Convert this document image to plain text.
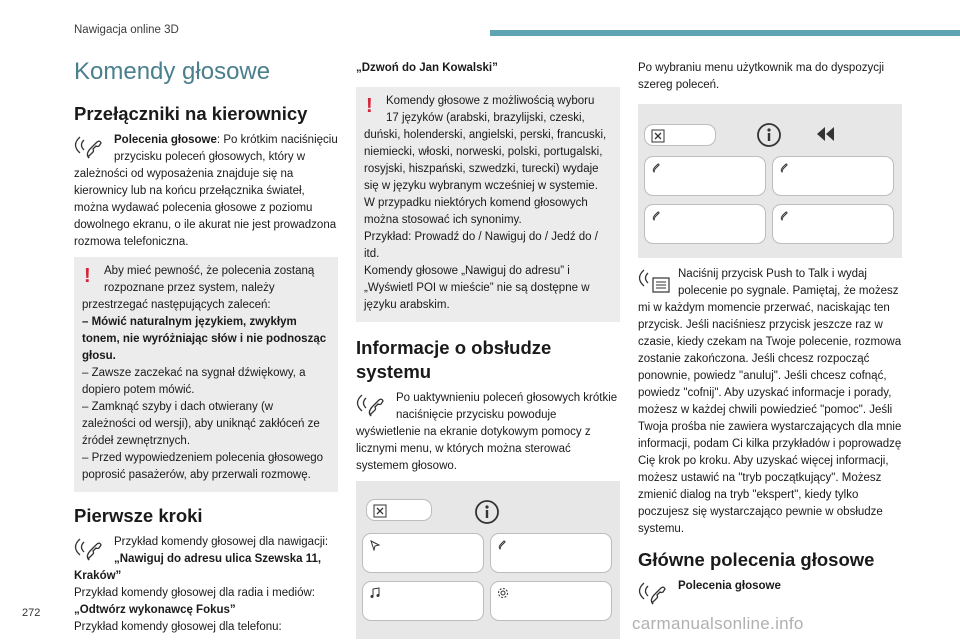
Nawigacja online 3D
Komendy głosowe
Przełączniki na kierownicy
Polecenia głosowe: Po krótkim naciśnięciu przycisku poleceń głosowych, który w zależności od wyposażenia znajduje się na kierownicy lub na końcu przełącznika świateł, można wydawać polecenia głosowe z poziomu dowolnego ekranu, o ile akurat nie jest prowadzona rozmowa telefoniczna.
!	Aby mieć pewność, że polecenia zostaną rozpoznane przez system, należy przestrzegać następujących zaleceń:
– Mówić naturalnym językiem, zwykłym tonem, nie wyróżniając słów i nie podnosząc głosu.
– Zawsze zaczekać na sygnał dźwiękowy, a dopiero potem mówić.
– Zamknąć szyby i dach otwierany (w zależności od wersji), aby uniknąć zakłóceń ze źródeł zewnętrznych.
– Przed wypowiedzeniem polecenia głosowego poprosić pasażerów, aby przerwali rozmowę.
Pierwsze kroki
Przykład komendy głosowej dla nawigacji:
„Nawiguj do adresu ulica Szewska 11, Kraków”
Przykład komendy głosowej dla radia i mediów:
„Odtwórz wykonawcę Fokus”
Przykład komendy głosowej dla telefonu:
„Dzwoń do Jan Kowalski”
!	Komendy głosowe z możliwością wyboru 17 języków (arabski, brazylijski, czeski, duński, holenderski, angielski, perski, francuski, niemiecki, włoski, norweski, polski, portugalski, rosyjski, hiszpański, szwedzki, turecki) wydaje się w języku wybranym wcześniej w systemie.
W przypadku niektórych komend głosowych można stosować ich synonimy.
Przykład: Prowadź do / Nawiguj do / Jedź do / itd.
Komendy głosowe „Nawiguj do adresu” i „Wyświetl POI w mieście” nie są dostępne w języku arabskim.
Informacje o obsłudze systemu
Po uaktywnieniu poleceń głosowych krótkie naciśnięcie przycisku powoduje wyświetlenie na ekranie dotykowym pomocy z licznymi menu, w których można sterować systemem głosowo.
Po wybraniu menu użytkownik ma do dyspozycji szereg poleceń.
Naciśnij przycisk Push to Talk i wydaj polecenie po sygnale. Pamiętaj, że możesz mi w każdym momencie przerwać, naciskając ten przycisk. Jeśli naciśniesz przycisk jeszcze raz w czasie, kiedy czekam na Twoje polecenie, rozmowa zostanie zakończona. Jeśli chcesz rozpocząć ponownie, powiedz "anuluj". Jeśli chcesz cofnąć, powiedz "cofnij". Aby uzyskać informacje i porady, możesz w każdej chwili powiedzieć "pomoc". Jeśli Twoja prośba nie zawiera wystarczających dla mnie informacji, podam Ci kilka przykładów i poprowadzę Cię krok po kroku. Aby uzyskać więcej informacji, możesz ustawić na "tryb początkujący". Możesz zmienić dialog na tryb "ekspert", kiedy tylko poczujesz się wystarczająco pewnie w obsłudze systemu.
Główne polecenia głosowe
Polecenia głosowe
272
carmanualsonline.info
